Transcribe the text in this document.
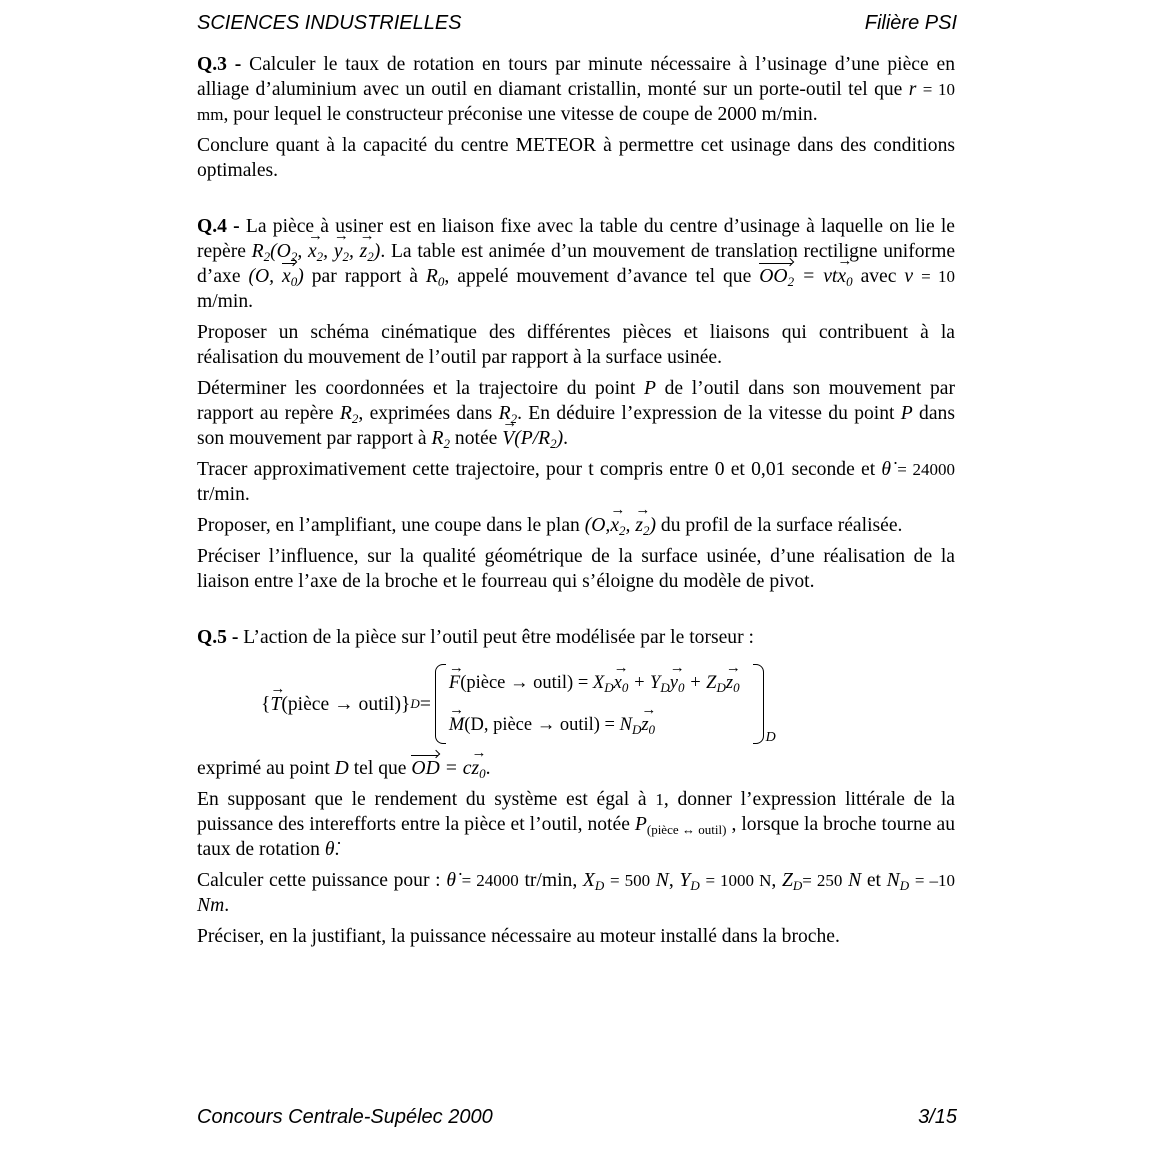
SCIENCES INDUSTRIELLES	Filière PSI

Q.3 - Calculer le taux de rotation en tours par minute nécessaire à l’usinage d’une pièce en alliage d’aluminium avec un outil en diamant cristallin, monté sur un porte-outil tel que r = 10 mm, pour lequel le constructeur préconise une vitesse de coupe de 2000 m/min.

Conclure quant à la capacité du centre METEOR à permettre cet usinage dans des conditions optimales.

Q.4 - La pièce à usiner est en liaison fixe avec la table du centre d’usinage à laquelle on lie le repère $R_2(O_2$, → $x_2$, → $y_2$, → $z_2$). La table est animée d’un mouvement de translation rectiligne uniforme d’axe (O, $x_0$) par rapport à $R_0$, appelé mouvement d’avance tel que $OO_2 = vt\to x_0$ avec v = 10 m/min.

Proposer un schéma cinématique des différentes pièces et liaisons qui contribuent à la réalisation du mouvement de l’outil par rapport à la surface usinée.

Déterminer les coordonnées et la trajectoire du point P de l’outil dans son mouvement par rapport au repère $R_2$, exprimées dans $R_2$. En déduire l’expression de la vitesse du point P dans son mouvement par rapport à $R_2$ notée → $V(P/R_2)$.

Tracer approximativement cette trajectoire, pour t compris entre 0 et 0,01 seconde et θ̇ = 24000 tr/min.

Proposer, en l’amplifiant, une coupe dans le plan ($O,\to x_2$, → $z_2$) du profil de la surface réalisée.

Préciser l’influence, sur la qualité géométrique de la surface usinée, d’une réalisation de la liaison entre l’axe de la broche et le fourreau qui s’éloigne du modèle de pivot.

Q.5 - L’action de la pièce sur l’outil peut être modélisée par le torseur :

{ → T (pièce → outil) } D =
→ F (pièce → outil) = $X_D\to x_0 + Y_D\to y_0 + Z_D\to z_0$
→ M (D, pièce → outil) = $N_D\to z_0$
D

exprimé au point D tel que OD = $c\to z_0$.

En supposant que le rendement du système est égal à 1, donner l’expression littérale de la puissance des interefforts entre la pièce et l’outil, notée $P_{(pièce \leftrightarrow outil)}$ , lorsque la broche tourne au taux de rotation θ̇.

Calculer cette puissance pour : θ̇ = 24000 tr/min, $X_D = 500$ N, $Y_D = 1000$ N, $Z_D= 250$ N et $N_D = -10$ Nm.

Préciser, en la justifiant, la puissance nécessaire au moteur installé dans la broche.

Concours Centrale-Supélec 2000	3/15
